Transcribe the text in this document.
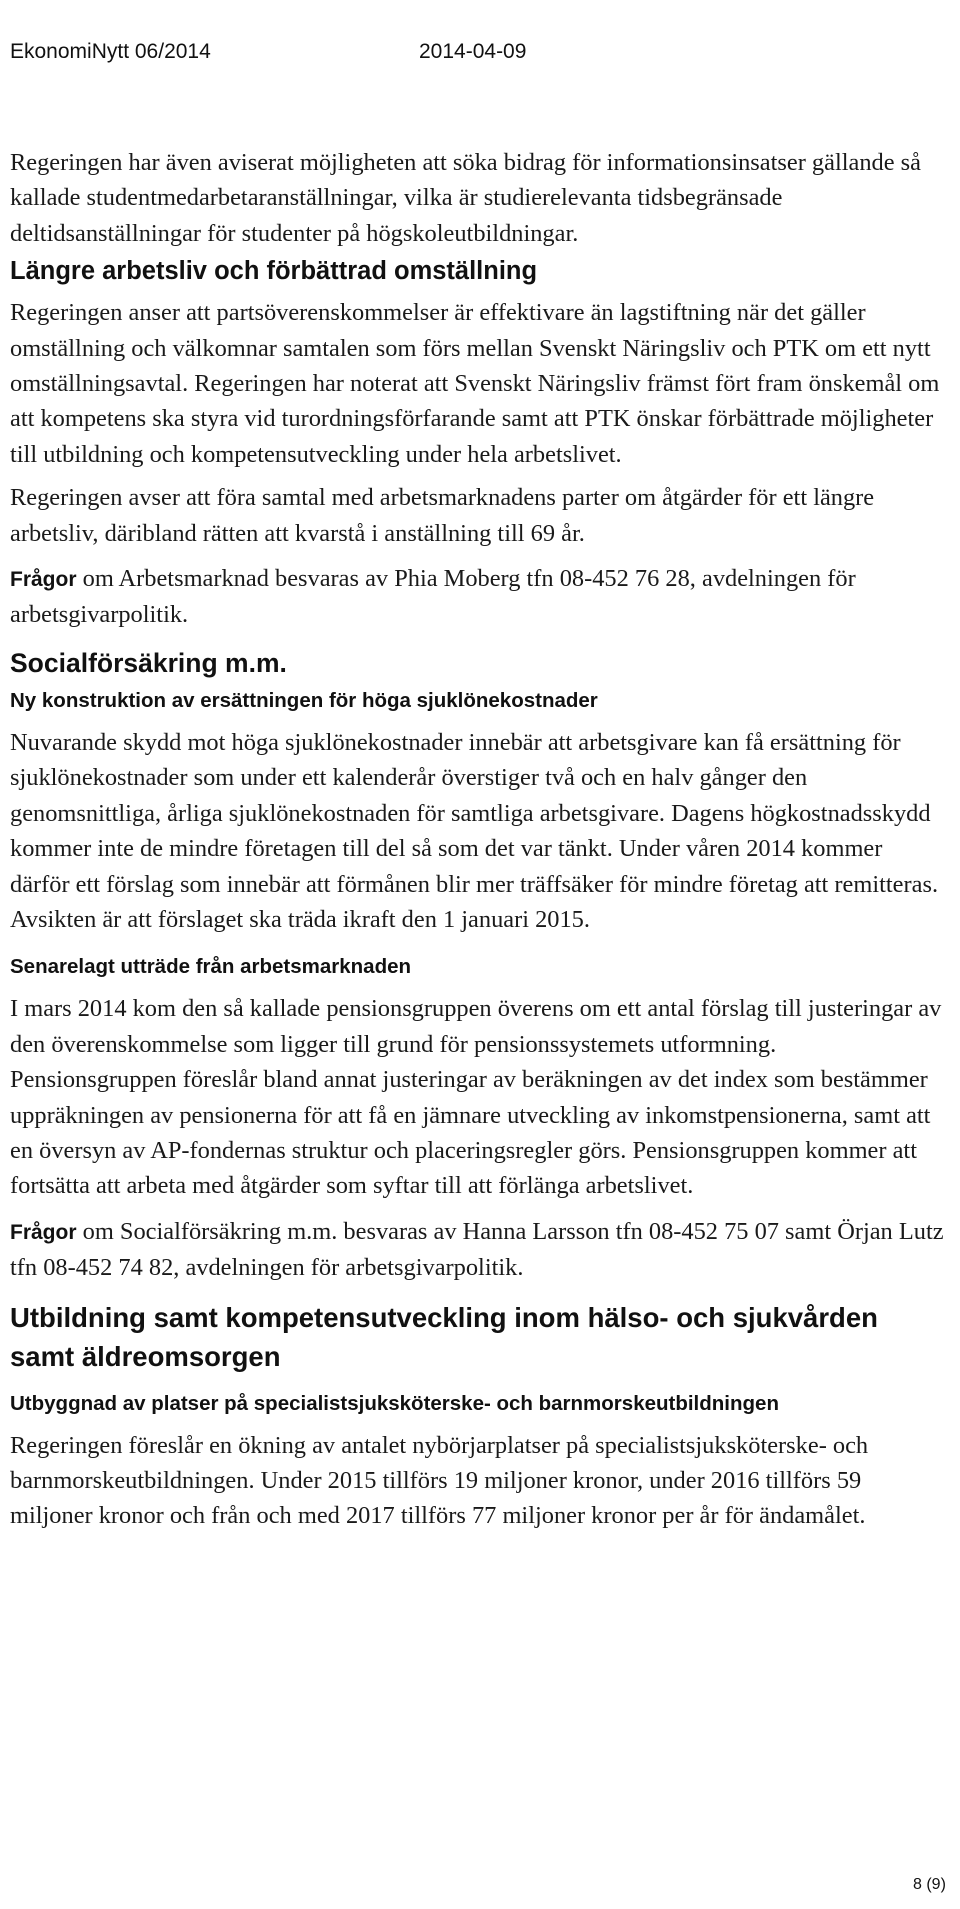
EkonomiNytt 06/2014	2014-04-09

Regeringen har även aviserat möjligheten att söka bidrag för informationsinsatser gällande så kallade studentmedarbetaranställningar, vilka är studierelevanta tidsbegränsade deltidsanställningar för studenter på högskoleutbildningar.

Längre arbetsliv och förbättrad omställning

Regeringen anser att partsöverenskommelser är effektivare än lagstiftning när det gäller omställning och välkomnar samtalen som förs mellan Svenskt Näringsliv och PTK om ett nytt omställningsavtal. Regeringen har noterat att Svenskt Näringsliv främst fört fram önskemål om att kompetens ska styra vid turordningsförfarande samt att PTK önskar förbättrade möjligheter till utbildning och kompetensutveckling under hela arbetslivet.

Regeringen avser att föra samtal med arbetsmarknadens parter om åtgärder för ett längre arbetsliv, däribland rätten att kvarstå i anställning till 69 år.

Frågor om Arbetsmarknad besvaras av Phia Moberg tfn 08-452 76 28, avdelningen för arbetsgivarpolitik.

Socialförsäkring m.m.
Ny konstruktion av ersättningen för höga sjuklönekostnader

Nuvarande skydd mot höga sjuklönekostnader innebär att arbetsgivare kan få ersättning för sjuklönekostnader som under ett kalenderår överstiger två och en halv gånger den genomsnittliga, årliga sjuklönekostnaden för samtliga arbetsgivare. Dagens högkostnadsskydd kommer inte de mindre företagen till del så som det var tänkt. Under våren 2014 kommer därför ett förslag som innebär att förmånen blir mer träffsäker för mindre företag att remitteras. Avsikten är att förslaget ska träda ikraft den 1 januari 2015.

Senarelagt utträde från arbetsmarknaden

I mars 2014 kom den så kallade pensionsgruppen överens om ett antal förslag till justeringar av den överenskommelse som ligger till grund för pensionssystemets utformning. Pensionsgruppen föreslår bland annat justeringar av beräkningen av det index som bestämmer uppräkningen av pensionerna för att få en jämnare utveckling av inkomstpensionerna, samt att en översyn av AP-fondernas struktur och placeringsregler görs. Pensionsgruppen kommer att fortsätta att arbeta med åtgärder som syftar till att förlänga arbetslivet.

Frågor om Socialförsäkring m.m. besvaras av Hanna Larsson tfn 08-452 75 07 samt Örjan Lutz tfn 08-452 74 82, avdelningen för arbetsgivarpolitik.

Utbildning samt kompetensutveckling inom hälso- och sjukvården samt äldreomsorgen
Utbyggnad av platser på specialistsjuksköterske- och barnmorskeutbildningen

Regeringen föreslår en ökning av antalet nybörjarplatser på specialistsjuksköterske- och barnmorskeutbildningen. Under 2015 tillförs 19 miljoner kronor, under 2016 tillförs 59 miljoner kronor och från och med 2017 tillförs 77 miljoner kronor per år för ändamålet.

8 (9)
